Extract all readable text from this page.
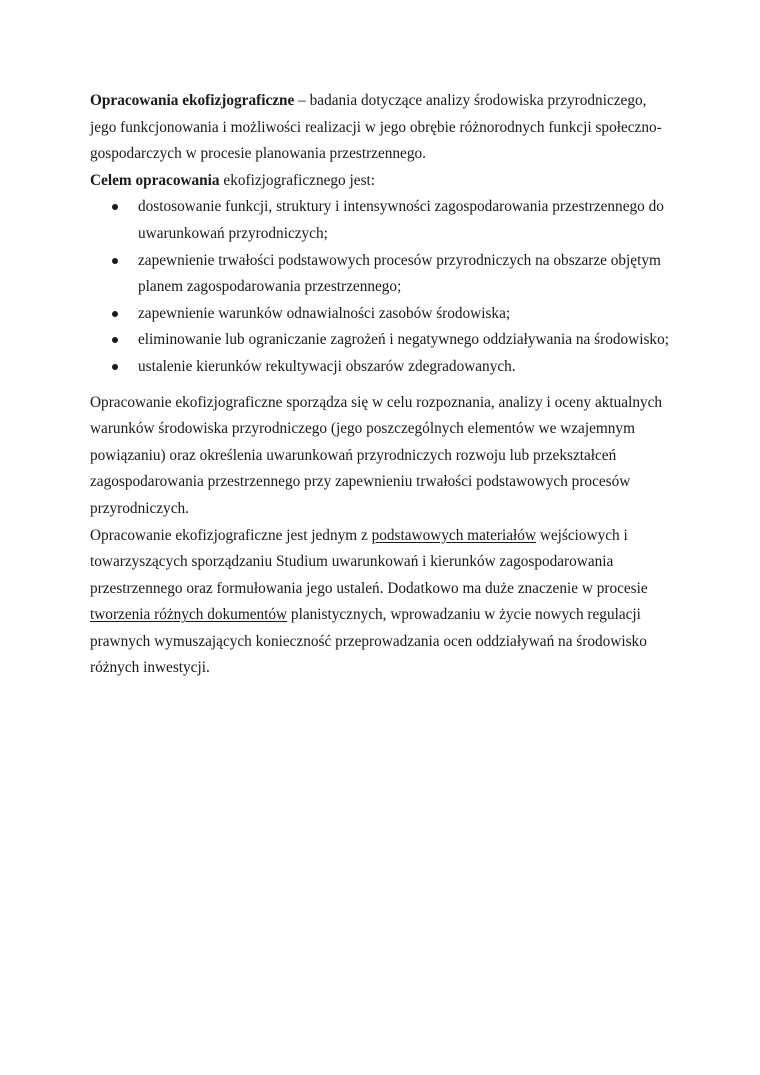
Opracowania ekofizjograficzne – badania dotyczące analizy środowiska przyrodniczego,
jego funkcjonowania i możliwości realizacji w jego obrębie różnorodnych funkcji społeczno-
gospodarczych w procesie planowania przestrzennego.
Celem opracowania ekofizjograficznego jest:
dostosowanie funkcji, struktury i intensywności zagospodarowania przestrzennego do
uwarunkowań przyrodniczych;
zapewnienie trwałości podstawowych procesów przyrodniczych na obszarze objętym
planem zagospodarowania przestrzennego;
zapewnienie warunków odnawialności zasobów środowiska;
eliminowanie lub ograniczanie zagrożeń i negatywnego oddziaływania na środowisko;
ustalenie kierunków rekultywacji obszarów zdegradowanych.
Opracowanie ekofizjograficzne sporządza się w celu rozpoznania, analizy i oceny aktualnych
warunków środowiska przyrodniczego (jego poszczególnych elementów we wzajemnym
powiązaniu) oraz określenia uwarunkowań przyrodniczych rozwoju lub przekształceń
zagospodarowania przestrzennego przy zapewnieniu trwałości podstawowych procesów
przyrodniczych.
Opracowanie ekofizjograficzne jest jednym z podstawowych materiałów wejściowych i
towarzyszących sporządzaniu Studium uwarunkowań i kierunków zagospodarowania
przestrzennego oraz formułowania jego ustaleń. Dodatkowo ma duże znaczenie w procesie
tworzenia różnych dokumentów planistycznych, wprowadzaniu w życie nowych regulacji
prawnych wymuszających konieczność przeprowadzania ocen oddziaływań na środowisko
różnych inwestycji.
